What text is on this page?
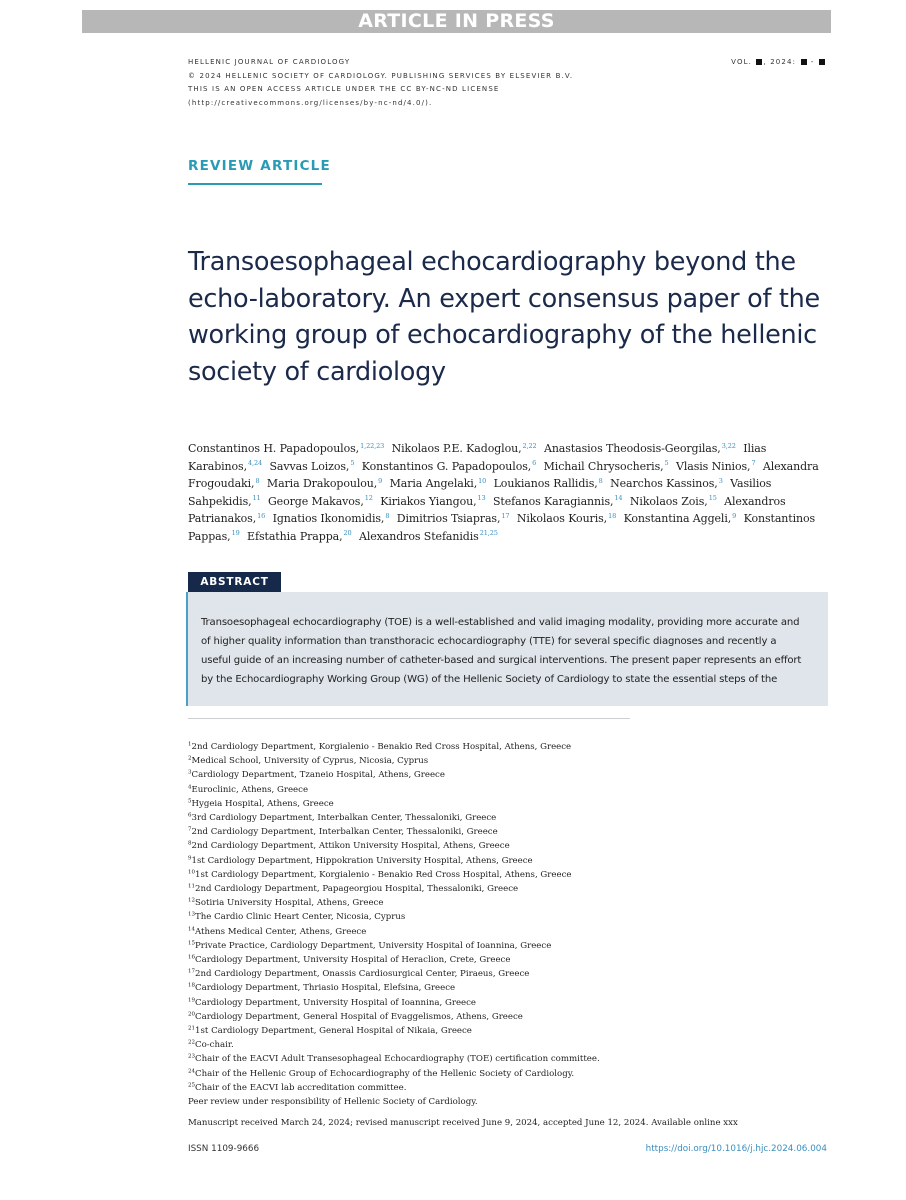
ARTICLE IN PRESS
HELLENIC JOURNAL OF CARDIOLOGY
© 2024 HELLENIC SOCIETY OF CARDIOLOGY. PUBLISHING SERVICES BY ELSEVIER B.V.
THIS IS AN OPEN ACCESS ARTICLE UNDER THE CC BY-NC-ND LICENSE
(http://creativecommons.org/licenses/by-nc-nd/4.0/).
VOL. , 2024: -
REVIEW ARTICLE
Transoesophageal echocardiography beyond the echo-laboratory. An expert consensus paper of the working group of echocardiography of the hellenic society of cardiology
Constantinos H. Papadopoulos,$^{1,22,23}$ Nikolaos P.E. Kadoglou,$^{2,22}$ Anastasios Theodosis-Georgilas,$^{3,22}$ Ilias Karabinos,$^{4,24}$ Savvas Loizos,$^5$ Konstantinos G. Papadopoulos,$^6$ Michail Chrysocheris,$^5$ Vlasis Ninios,$^7$ Alexandra Frogoudaki,$^8$ Maria Drakopoulou,$^9$ Maria Angelaki,$^{10}$ Loukianos Rallidis,$^8$ Nearchos Kassinos,$^3$ Vasilios Sahpekidis,$^{11}$ George Makavos,$^{12}$ Kiriakos Yiangou,$^{13}$ Stefanos Karagiannis,$^{14}$ Nikolaos Zois,$^{15}$ Alexandros Patrianakos,$^{16}$ Ignatios Ikonomidis,$^8$ Dimitrios Tsiapras,$^{17}$ Nikolaos Kouris,$^{18}$ Konstantina Aggeli,$^9$ Konstantinos Pappas,$^{19}$ Efstathia Prappa,$^{20}$ Alexandros Stefanidis$^{21,25}$
ABSTRACT
Transoesophageal echocardiography (TOE) is a well-established and valid imaging modality, providing more accurate and
of higher quality information than transthoracic echocardiography (TTE) for several specific diagnoses and recently a
useful guide of an increasing number of catheter-based and surgical interventions. The present paper represents an effort
by the Echocardiography Working Group (WG) of the Hellenic Society of Cardiology to state the essential steps of the
$^1$2nd Cardiology Department, Korgialenio - Benakio Red Cross Hospital, Athens, Greece
$^2$Medical School, University of Cyprus, Nicosia, Cyprus
$^3$Cardiology Department, Tzaneio Hospital, Athens, Greece
$^4$Euroclinic, Athens, Greece
$^5$Hygeia Hospital, Athens, Greece
$^6$3rd Cardiology Department, Interbalkan Center, Thessaloniki, Greece
$^7$2nd Cardiology Department, Interbalkan Center, Thessaloniki, Greece
$^8$2nd Cardiology Department, Attikon University Hospital, Athens, Greece
$^9$1st Cardiology Department, Hippokration University Hospital, Athens, Greece
$^{10}$1st Cardiology Department, Korgialenio - Benakio Red Cross Hospital, Athens, Greece
$^{11}$2nd Cardiology Department, Papageorgiou Hospital, Thessaloniki, Greece
$^{12}$Sotiria University Hospital, Athens, Greece
$^{13}$The Cardio Clinic Heart Center, Nicosia, Cyprus
$^{14}$Athens Medical Center, Athens, Greece
$^{15}$Private Practice, Cardiology Department, University Hospital of Ioannina, Greece
$^{16}$Cardiology Department, University Hospital of Heraclion, Crete, Greece
$^{17}$2nd Cardiology Department, Onassis Cardiosurgical Center, Piraeus, Greece
$^{18}$Cardiology Department, Thriasio Hospital, Elefsina, Greece
$^{19}$Cardiology Department, University Hospital of Ioannina, Greece
$^{20}$Cardiology Department, General Hospital of Evaggelismos, Athens, Greece
$^{21}$1st Cardiology Department, General Hospital of Nikaia, Greece
$^{22}$Co-chair.
$^{23}$Chair of the EACVI Adult Transesophageal Echocardiography (TOE) certification committee.
$^{24}$Chair of the Hellenic Group of Echocardiography of the Hellenic Society of Cardiology.
$^{25}$Chair of the EACVI lab accreditation committee.
Peer review under responsibility of Hellenic Society of Cardiology.
Manuscript received March 24, 2024; revised manuscript received June 9, 2024, accepted June 12, 2024. Available online xxx
ISSN 1109-9666	https://doi.org/10.1016/j.hjc.2024.06.004
